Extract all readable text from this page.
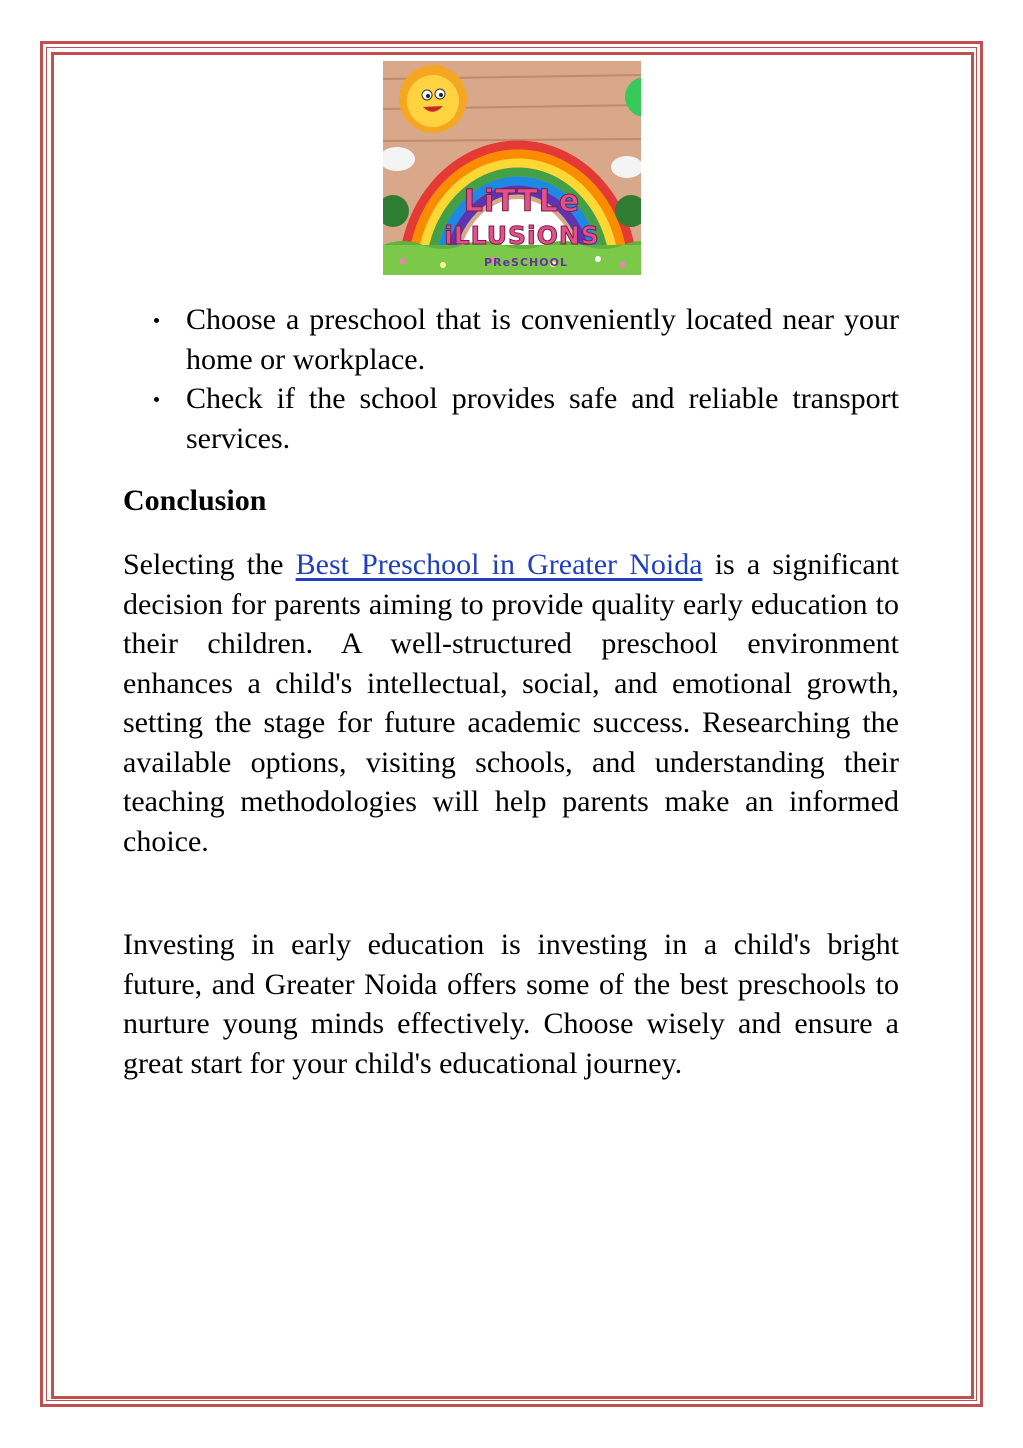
LiTTLe
iLLUSiONS
PReSCHOOL
Choose a preschool that is conveniently located near your home or workplace.
Check if the school provides safe and reliable transport services.
Conclusion

Selecting the Best Preschool in Greater Noida is a significant decision for parents aiming to provide quality early education to their children. A well-structured preschool environment enhances a child's intellectual, social, and emotional growth, setting the stage for future academic success. Researching the available options, visiting schools, and understanding their teaching methodologies will help parents make an informed choice.

Investing in early education is investing in a child's bright future, and Greater Noida offers some of the best preschools to nurture young minds effectively. Choose wisely and ensure a great start for your child's educational journey.
